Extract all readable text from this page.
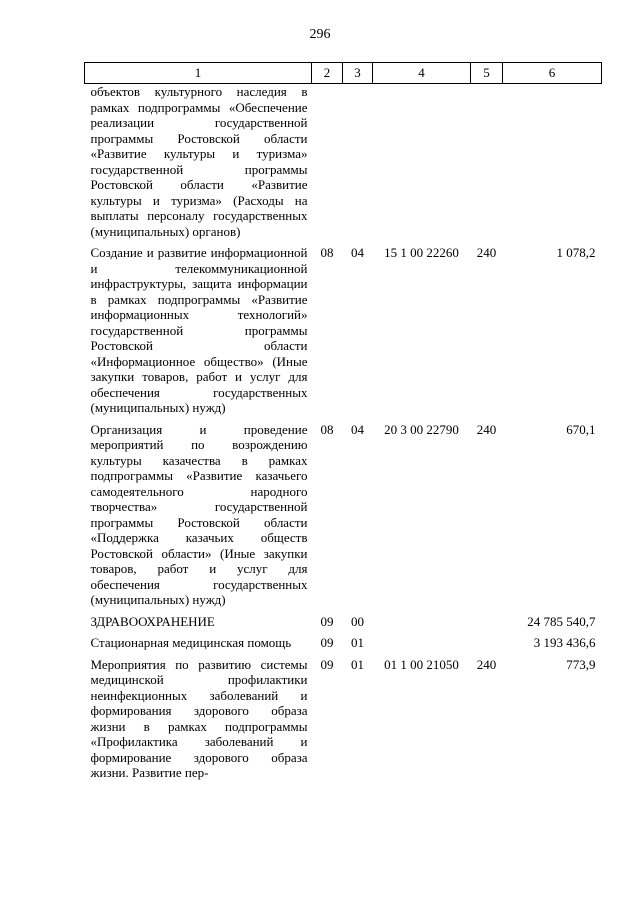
296
1	2	3	4	5	6
объектов культурного наследия в рамках подпрограммы «Обеспечение реализации государственной программы Ростовской области «Развитие культуры и туризма» государственной программы Ростовской области «Развитие культуры и туризма» (Расходы на выплаты персоналу государственных (муниципальных) органов)					
Создание и развитие информационной и телекоммуникационной инфраструктуры, защита информации в рамках подпрограммы «Развитие информационных технологий» государственной программы Ростовской области «Информационное общество» (Иные закупки товаров, работ и услуг для обеспечения государственных (муниципальных) нужд)	08	04	15 1 00 22260	240	1 078,2
Организация и проведение мероприятий по возрождению культуры казачества в рамках подпрограммы «Развитие казачьего самодеятельного народного творчества» государственной программы Ростовской области «Поддержка казачьих обществ Ростовской области» (Иные закупки товаров, работ и услуг для обеспечения государственных (муниципальных) нужд)	08	04	20 3 00 22790	240	670,1
ЗДРАВООХРАНЕНИЕ	09	00			24 785 540,7
Стационарная медицинская помощь	09	01			3 193 436,6
Мероприятия по развитию системы медицинской профилактики неинфекционных заболеваний и формирования здорового образа жизни в рамках подпрограммы «Профилактика заболеваний и формирование здорового образа жизни. Развитие пер-	09	01	01 1 00 21050	240	773,9
